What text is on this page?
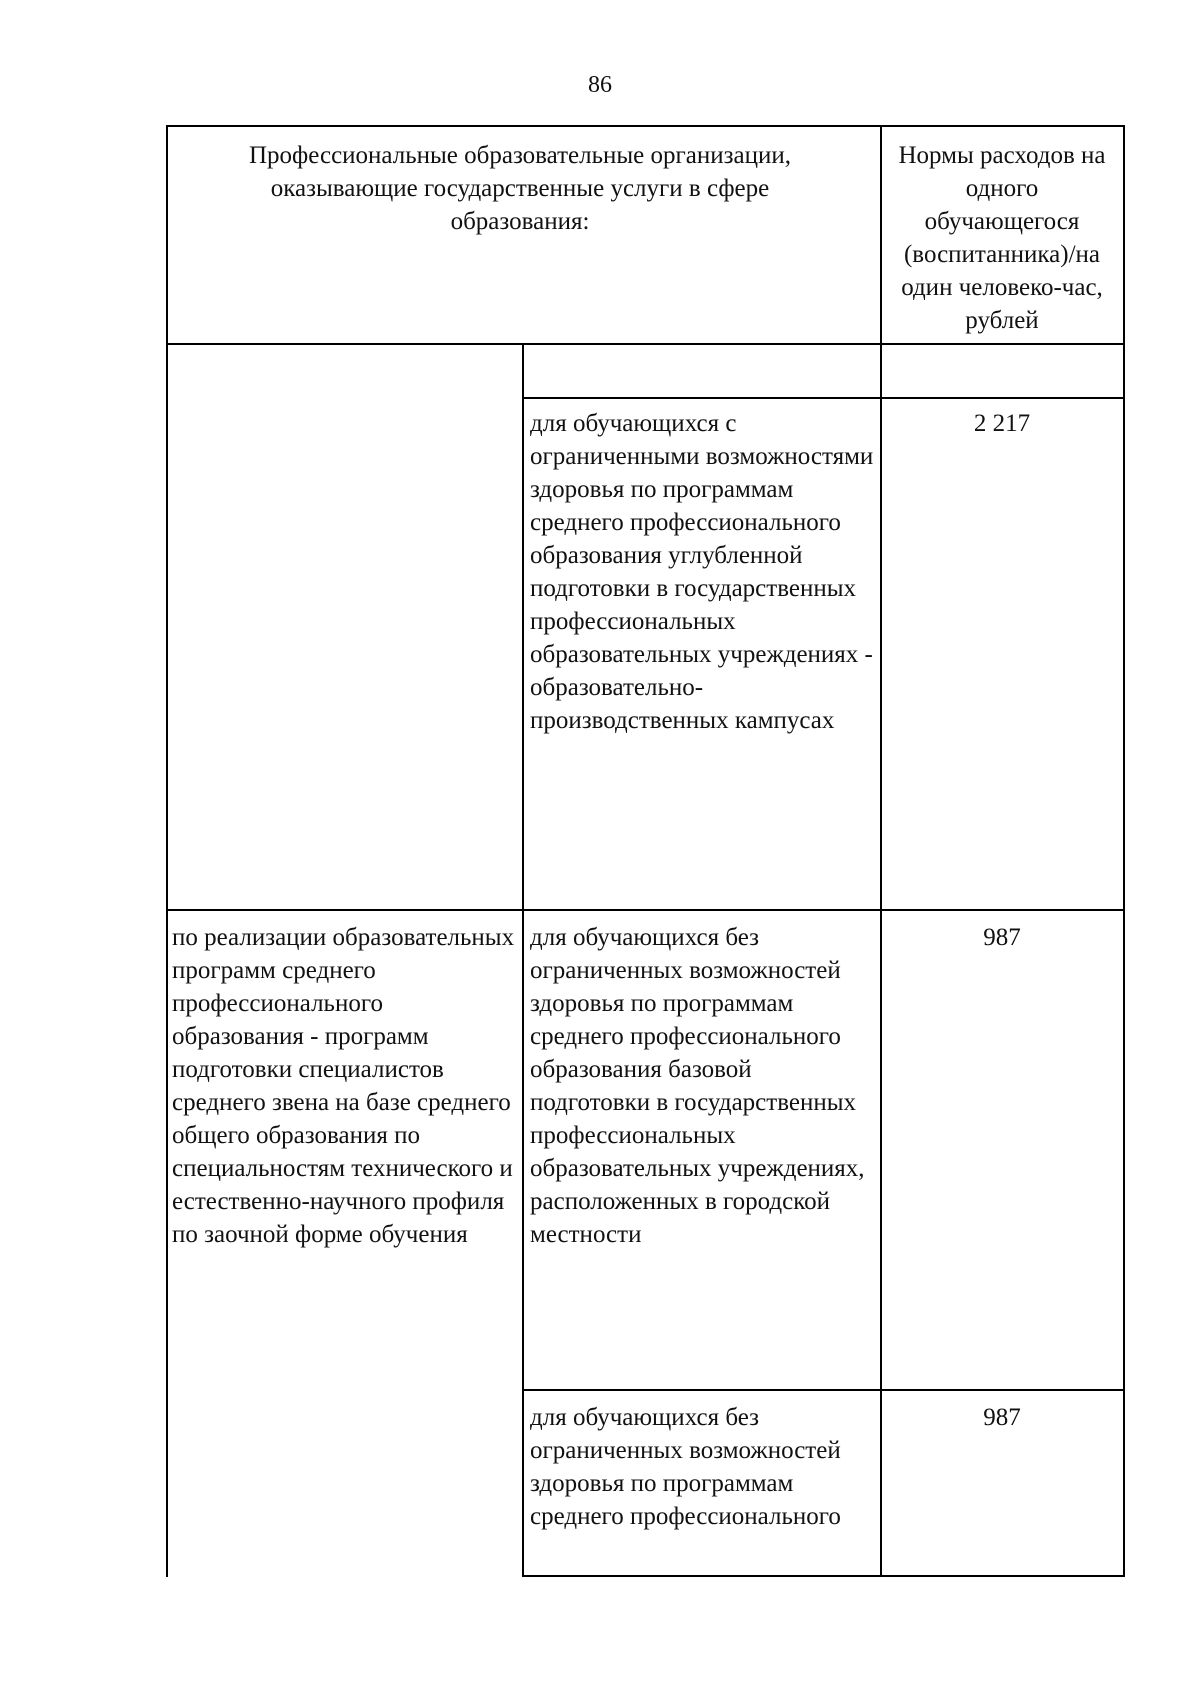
86
Профессиональные образовательные организации, оказывающие государственные услуги в сфере образования:
Нормы расходов на одного обучающегося (воспитанника)/на один человеко-час, рублей
для обучающихся с ограниченными возможностями здоровья по программам среднего профессионального образования углубленной подготовки в государственных профессиональных образовательных учреждениях - образовательно-производственных кампусах
2 217
по реализации образовательных программ среднего профессионального образования - программ подготовки специалистов среднего звена на базе среднего общего образования по специальностям технического и естественно-научного профиля по заочной форме обучения
для обучающихся без ограниченных возможностей здоровья по программам среднего профессионального образования базовой подготовки в государственных профессиональных образовательных учреждениях, расположенных в городской местности
987
для обучающихся без ограниченных возможностей здоровья по программам среднего профессионального
987
